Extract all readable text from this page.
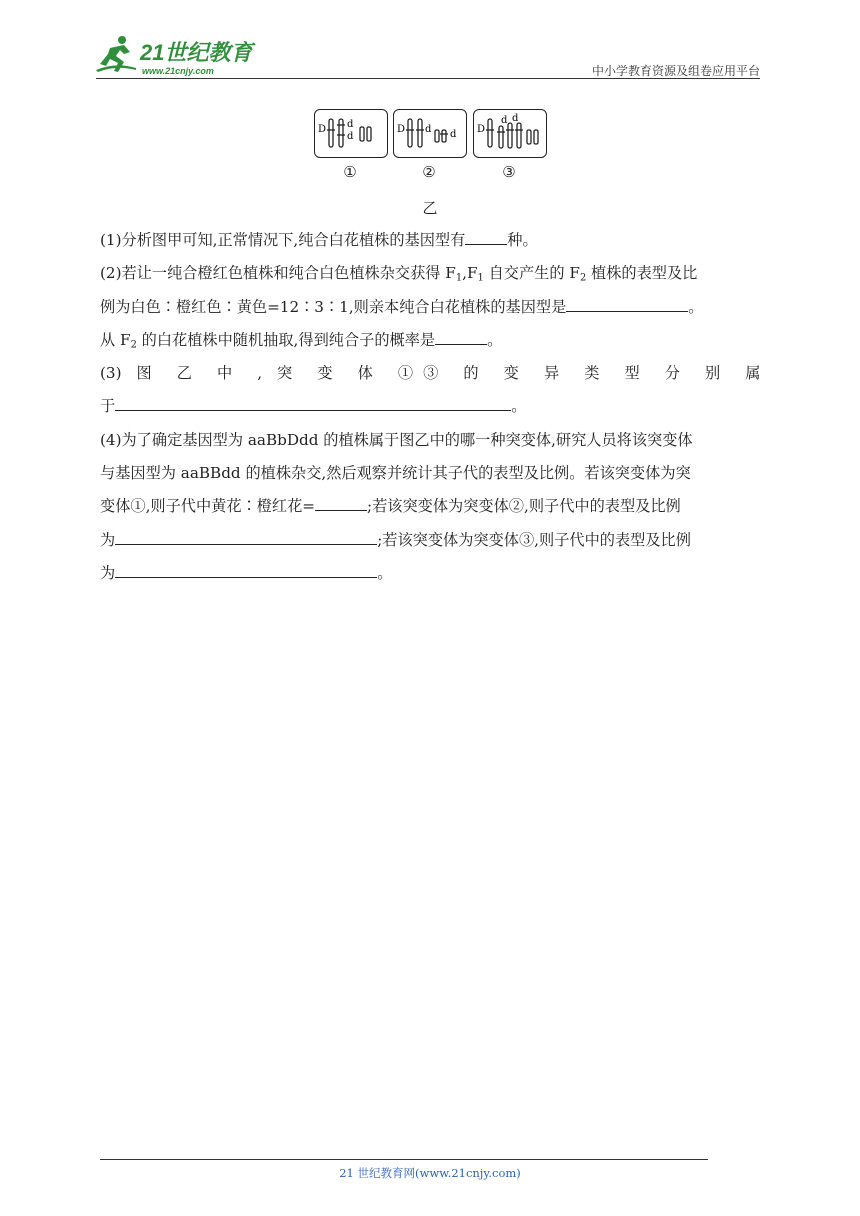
21世纪教育
www.21cnjy.com	中小学教育资源及组卷应用平台
D d
d
①
D d d
②
D
d d
③
乙

(1)分析图甲可知,正常情况下,纯合白花植株的基因型有	种。

(2)若让一纯合橙红色植株和纯合白色植株杂交获得 $F_1,F_1$ 自交产生的 $F_2$ 植株的表型及比

例为白色∶橙红色∶黄色=12∶3∶1,则亲本纯合白花植株的基因型是	。

从 $F_2$ 的白花植株中随机抽取,得到纯合子的概率是	。

(3) 图 乙 中 , 突 变 体 ①③ 的 变 异 类 型 分 别 属

于	。

(4)为了确定基因型为 aaBbDdd 的植株属于图乙中的哪一种突变体,研究人员将该突变体

与基因型为 aaBBdd 的植株杂交,然后观察并统计其子代的表型及比例。若该突变体为突

变体①,则子代中黄花∶橙红花=	;若该突变体为突变体②,则子代中的表型及比例

为	;若该突变体为突变体③,则子代中的表型及比例

为	。

21 世纪教育网(www.21cnjy.com)
